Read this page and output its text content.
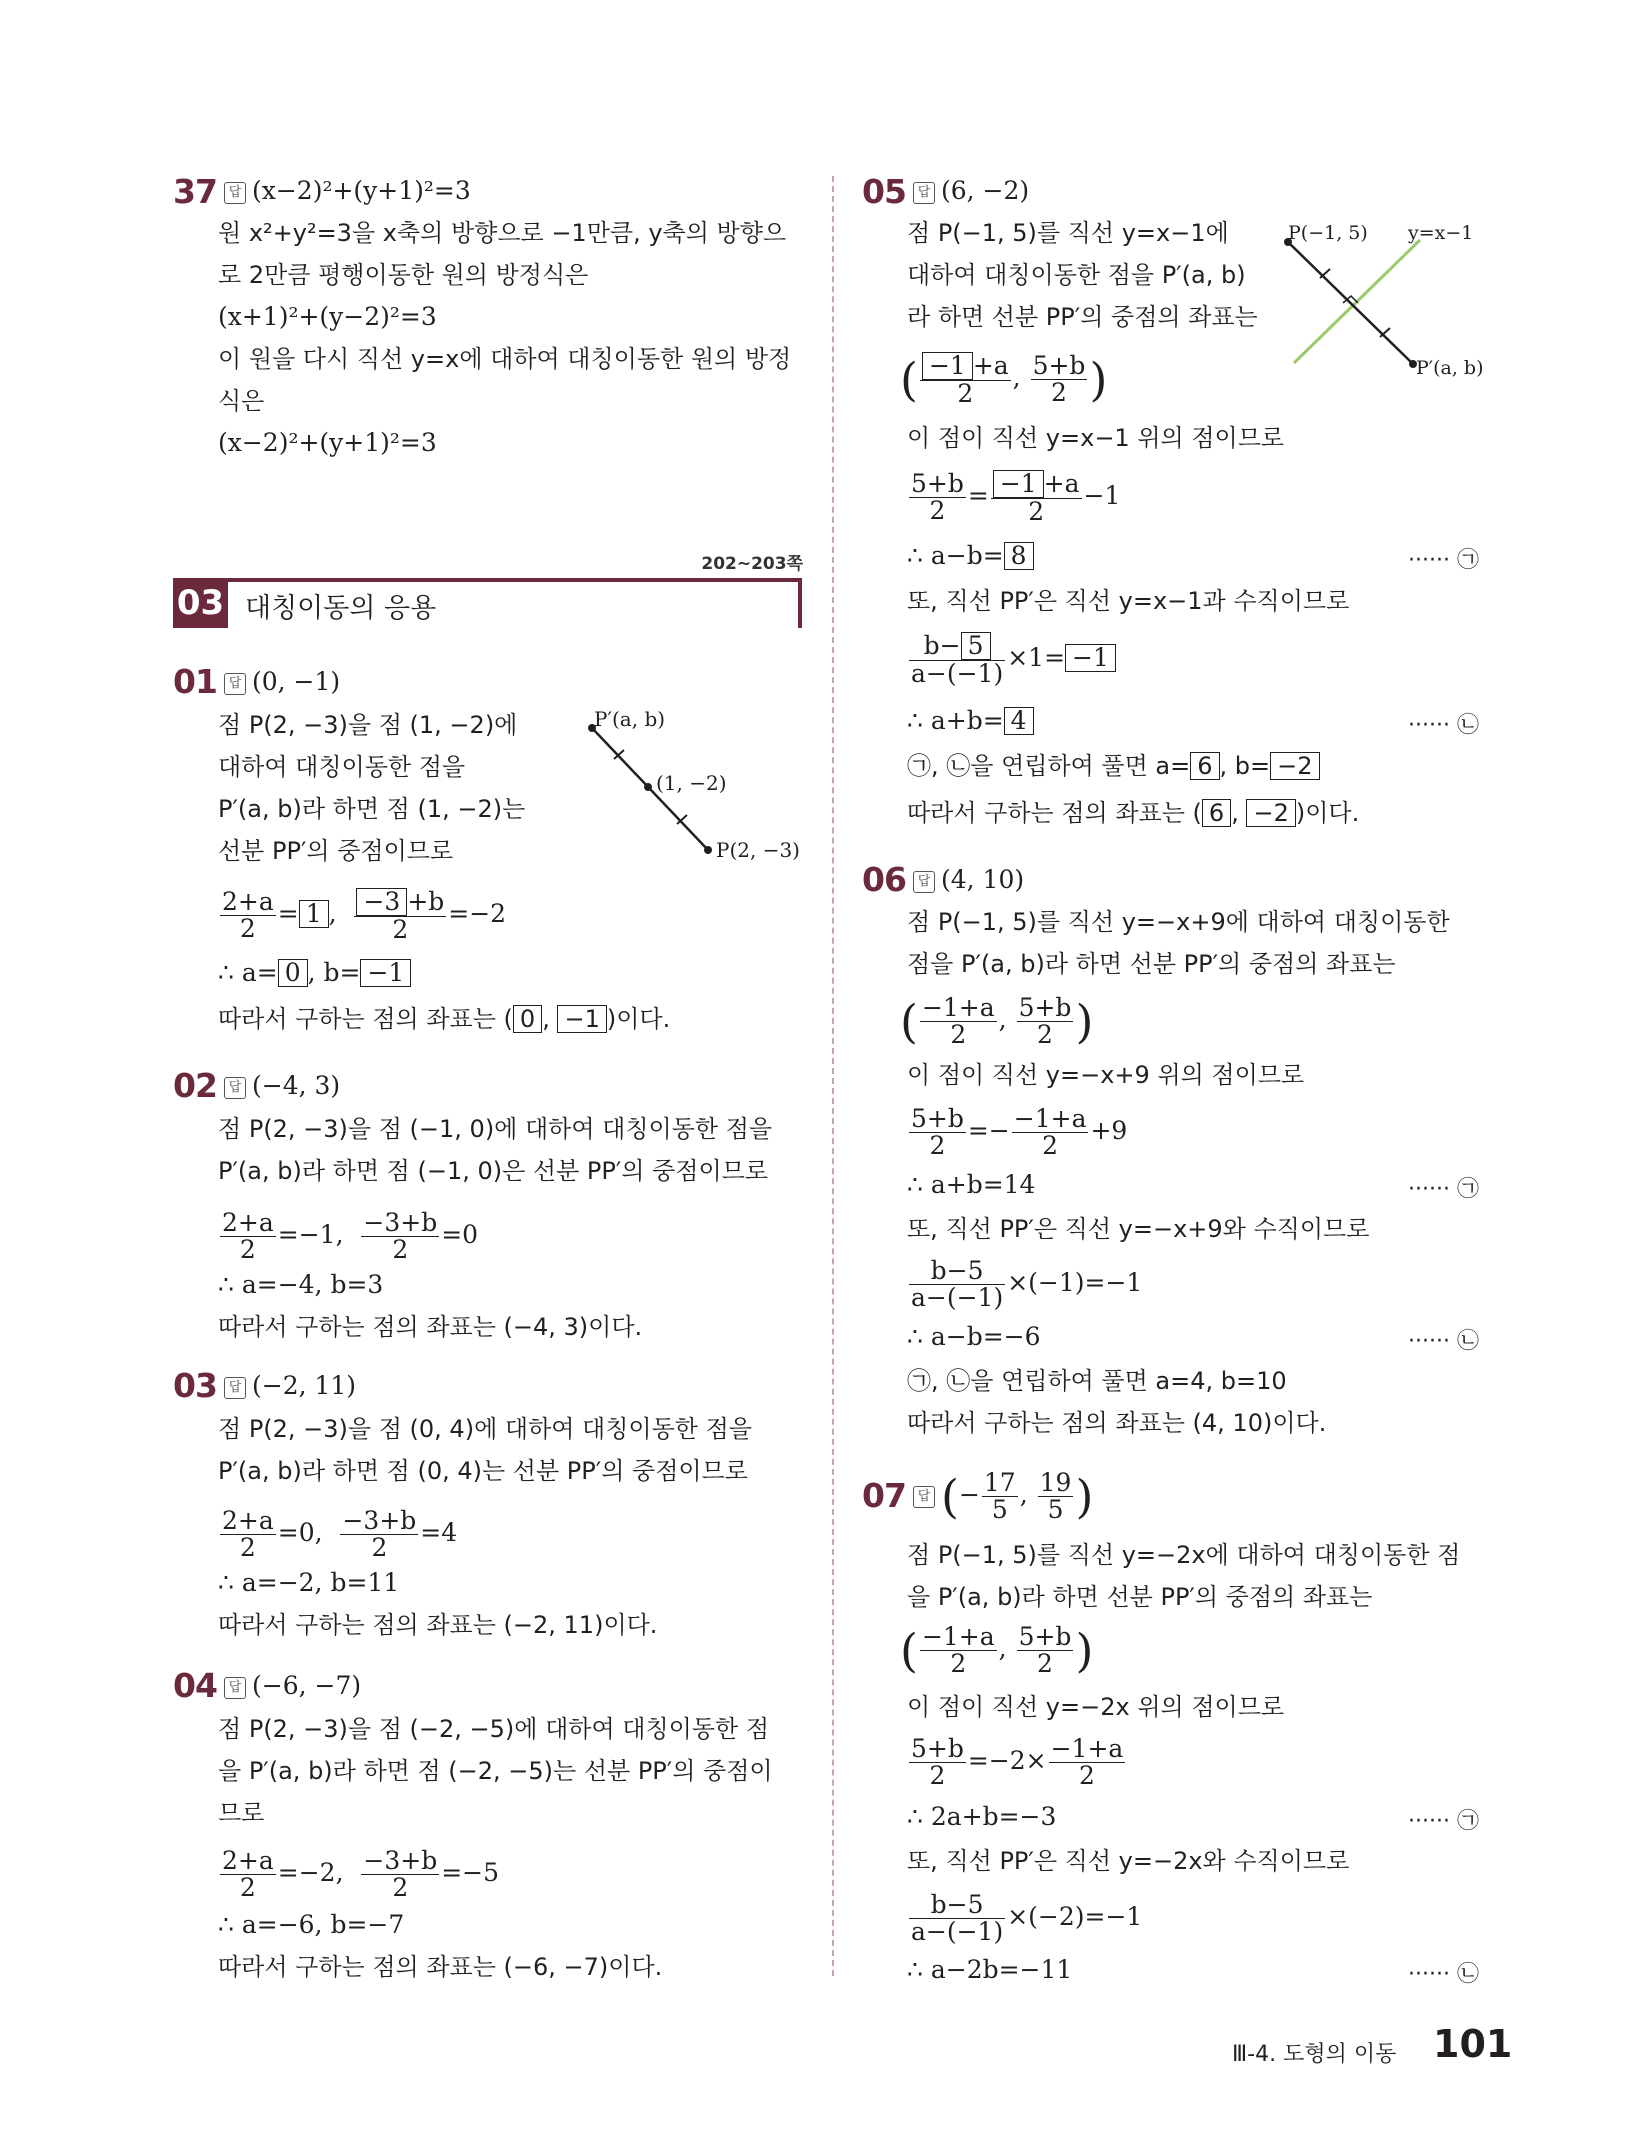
37 답 (x−2)²+(y+1)²=3
원 x²+y²=3을 x축의 방향으로 −1만큼, y축의 방향으
로 2만큼 평행이동한 원의 방정식은
(x+1)²+(y−2)²=3
이 원을 다시 직선 y=x에 대하여 대칭이동한 원의 방정
식은
(x−2)²+(y+1)²=3
202~203쪽
03 대칭이동의 응용
01 답 (0, −1)
점 P(2, −3)을 점 (1, −2)에
대하여 대칭이동한 점을
P′(a, b)라 하면 점 (1, −2)는
선분 PP′의 중점이므로
P′(a, b)
(1, −2)
P(2, −3)
$\frac{2+a}{2} = 1$ , $\frac{-3 +b}{2} =-2$
∴ a= 0 , b= −1
따라서 구하는 점의 좌표는 ( 0 , −1 )이다.
02 답 (−4, 3)
점 P(2, −3)을 점 (−1, 0)에 대하여 대칭이동한 점을
P′(a, b)라 하면 점 (−1, 0)은 선분 PP′의 중점이므로
$\frac{2+a}{2} =-1$, $\frac{-3+b}{2} =0$
∴ a=−4, b=3
따라서 구하는 점의 좌표는 (−4, 3)이다.
03 답 (−2, 11)
점 P(2, −3)을 점 (0, 4)에 대하여 대칭이동한 점을
P′(a, b)라 하면 점 (0, 4)는 선분 PP′의 중점이므로
$\frac{2+a}{2} =0$, $\frac{-3+b}{2} =4$
∴ a=−2, b=11
따라서 구하는 점의 좌표는 (−2, 11)이다.
04 답 (−6, −7)
점 P(2, −3)을 점 (−2, −5)에 대하여 대칭이동한 점
을 P′(a, b)라 하면 점 (−2, −5)는 선분 PP′의 중점이
므로
$\frac{2+a}{2} =-2$, $\frac{-3+b}{2} =-5$
∴ a=−6, b=−7
따라서 구하는 점의 좌표는 (−6, −7)이다.
05 답 (6, −2)
점 P(−1, 5)를 직선 y=x−1에
대하여 대칭이동한 점을 P′(a, b)
라 하면 선분 PP′의 중점의 좌표는
P(−1, 5) y=x−1
P′(a, b)
( $\frac{-1 +a}{2}$ , $\frac{5+b}{2}$ )
이 점이 직선 y=x−1 위의 점이므로
$\frac{5+b}{2} = \frac{-1 +a}{2} -1$
∴ a−b= 8	······ ㉠
또, 직선 PP′은 직선 y=x−1과 수직이므로
$\frac{b- 5}{a-(-1)} \times 1= -1$
∴ a+b= 4	······ ㉡
㉠, ㉡을 연립하여 풀면 a= 6 , b= −2
따라서 구하는 점의 좌표는 ( 6 , −2 )이다.
06 답 (4, 10)
점 P(−1, 5)를 직선 y=−x+9에 대하여 대칭이동한
점을 P′(a, b)라 하면 선분 PP′의 중점의 좌표는
( $\frac{-1+a}{2}$ , $\frac{5+b}{2}$ )
이 점이 직선 y=−x+9 위의 점이므로
$\frac{5+b}{2} =- \frac{-1+a}{2} +9$
∴ a+b=14	······ ㉠
또, 직선 PP′은 직선 y=−x+9와 수직이므로
$\frac{b-5}{a-(-1)} \times(-1)=-1$
∴ a−b=−6	······ ㉡
㉠, ㉡을 연립하여 풀면 a=4, b=10
따라서 구하는 점의 좌표는 (4, 10)이다.
07 답 (− $\frac{17}{5}$ , $\frac{19}{5}$ )
점 P(−1, 5)를 직선 y=−2x에 대하여 대칭이동한 점
을 P′(a, b)라 하면 선분 PP′의 중점의 좌표는
( $\frac{-1+a}{2}$ , $\frac{5+b}{2}$ )
이 점이 직선 y=−2x 위의 점이므로
$\frac{5+b}{2} =-2\times \frac{-1+a}{2}$
∴ 2a+b=−3	······ ㉠
또, 직선 PP′은 직선 y=−2x와 수직이므로
$\frac{b-5}{a-(-1)} \times(-2)=-1$
∴ a−2b=−11	······ ㉡
Ⅲ-4. 도형의 이동 101
